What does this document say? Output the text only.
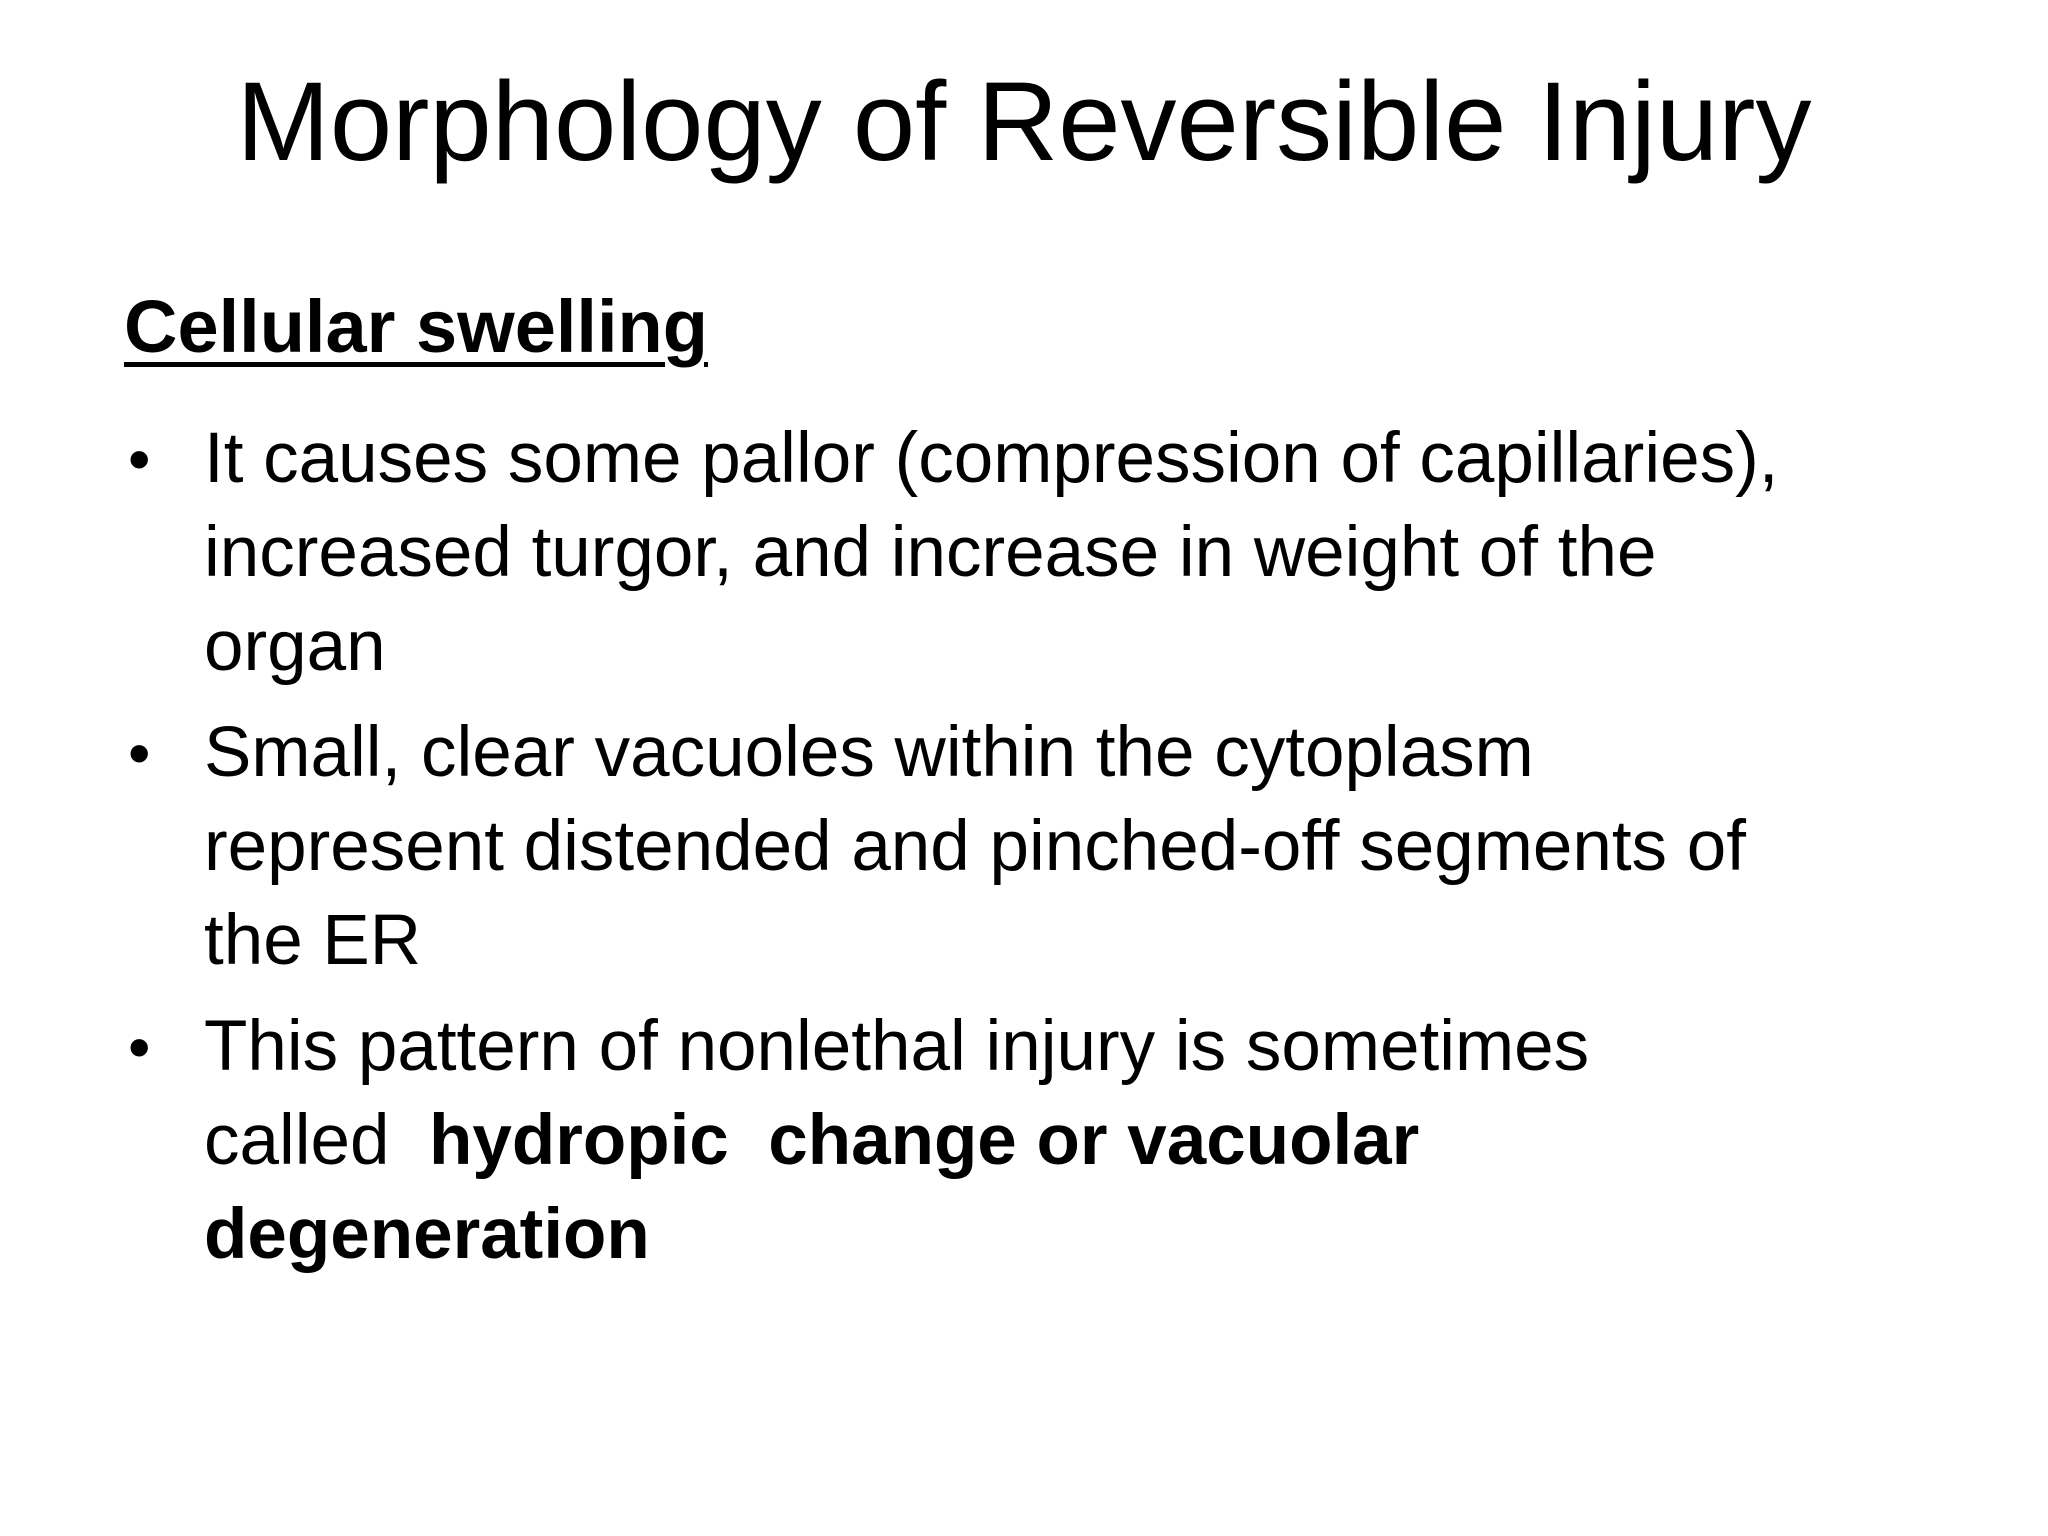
Morphology of Reversible Injury
Cellular swelling
• It causes some pallor (compression of capillaries),
increased turgor, and increase in weight of the
organ
• Small, clear vacuoles within the cytoplasm
represent distended and pinched-off segments of
the ER
• This pattern of nonlethal injury is sometimes
called  hydropic  change or vacuolar
degeneration
